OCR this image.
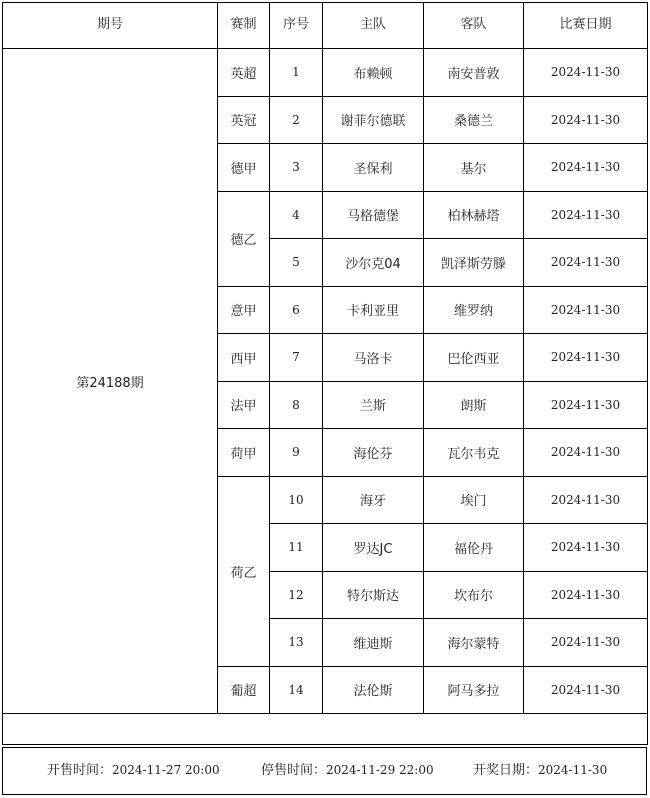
期号	赛制	序号	主队	客队	比赛日期
第24188期	英超	1	布赖顿	南安普敦	2024-11-30
	英冠	2	谢菲尔德联	桑德兰	2024-11-30
	德甲	3	圣保利	基尔	2024-11-30
	德乙	4	马格德堡	柏林赫塔	2024-11-30
		5	沙尔克04	凯泽斯劳滕	2024-11-30
	意甲	6	卡利亚里	维罗纳	2024-11-30
	西甲	7	马洛卡	巴伦西亚	2024-11-30
	法甲	8	兰斯	朗斯	2024-11-30
	荷甲	9	海伦芬	瓦尔韦克	2024-11-30
	荷乙	10	海牙	埃门	2024-11-30
		11	罗达JC	福伦丹	2024-11-30
		12	特尔斯达	坎布尔	2024-11-30
		13	维迪斯	海尔蒙特	2024-11-30
	葡超	14	法伦斯	阿马多拉	2024-11-30

开售时间：2024-11-27 20:00	停售时间：2024-11-29 22:00	开奖日期：2024-11-30
